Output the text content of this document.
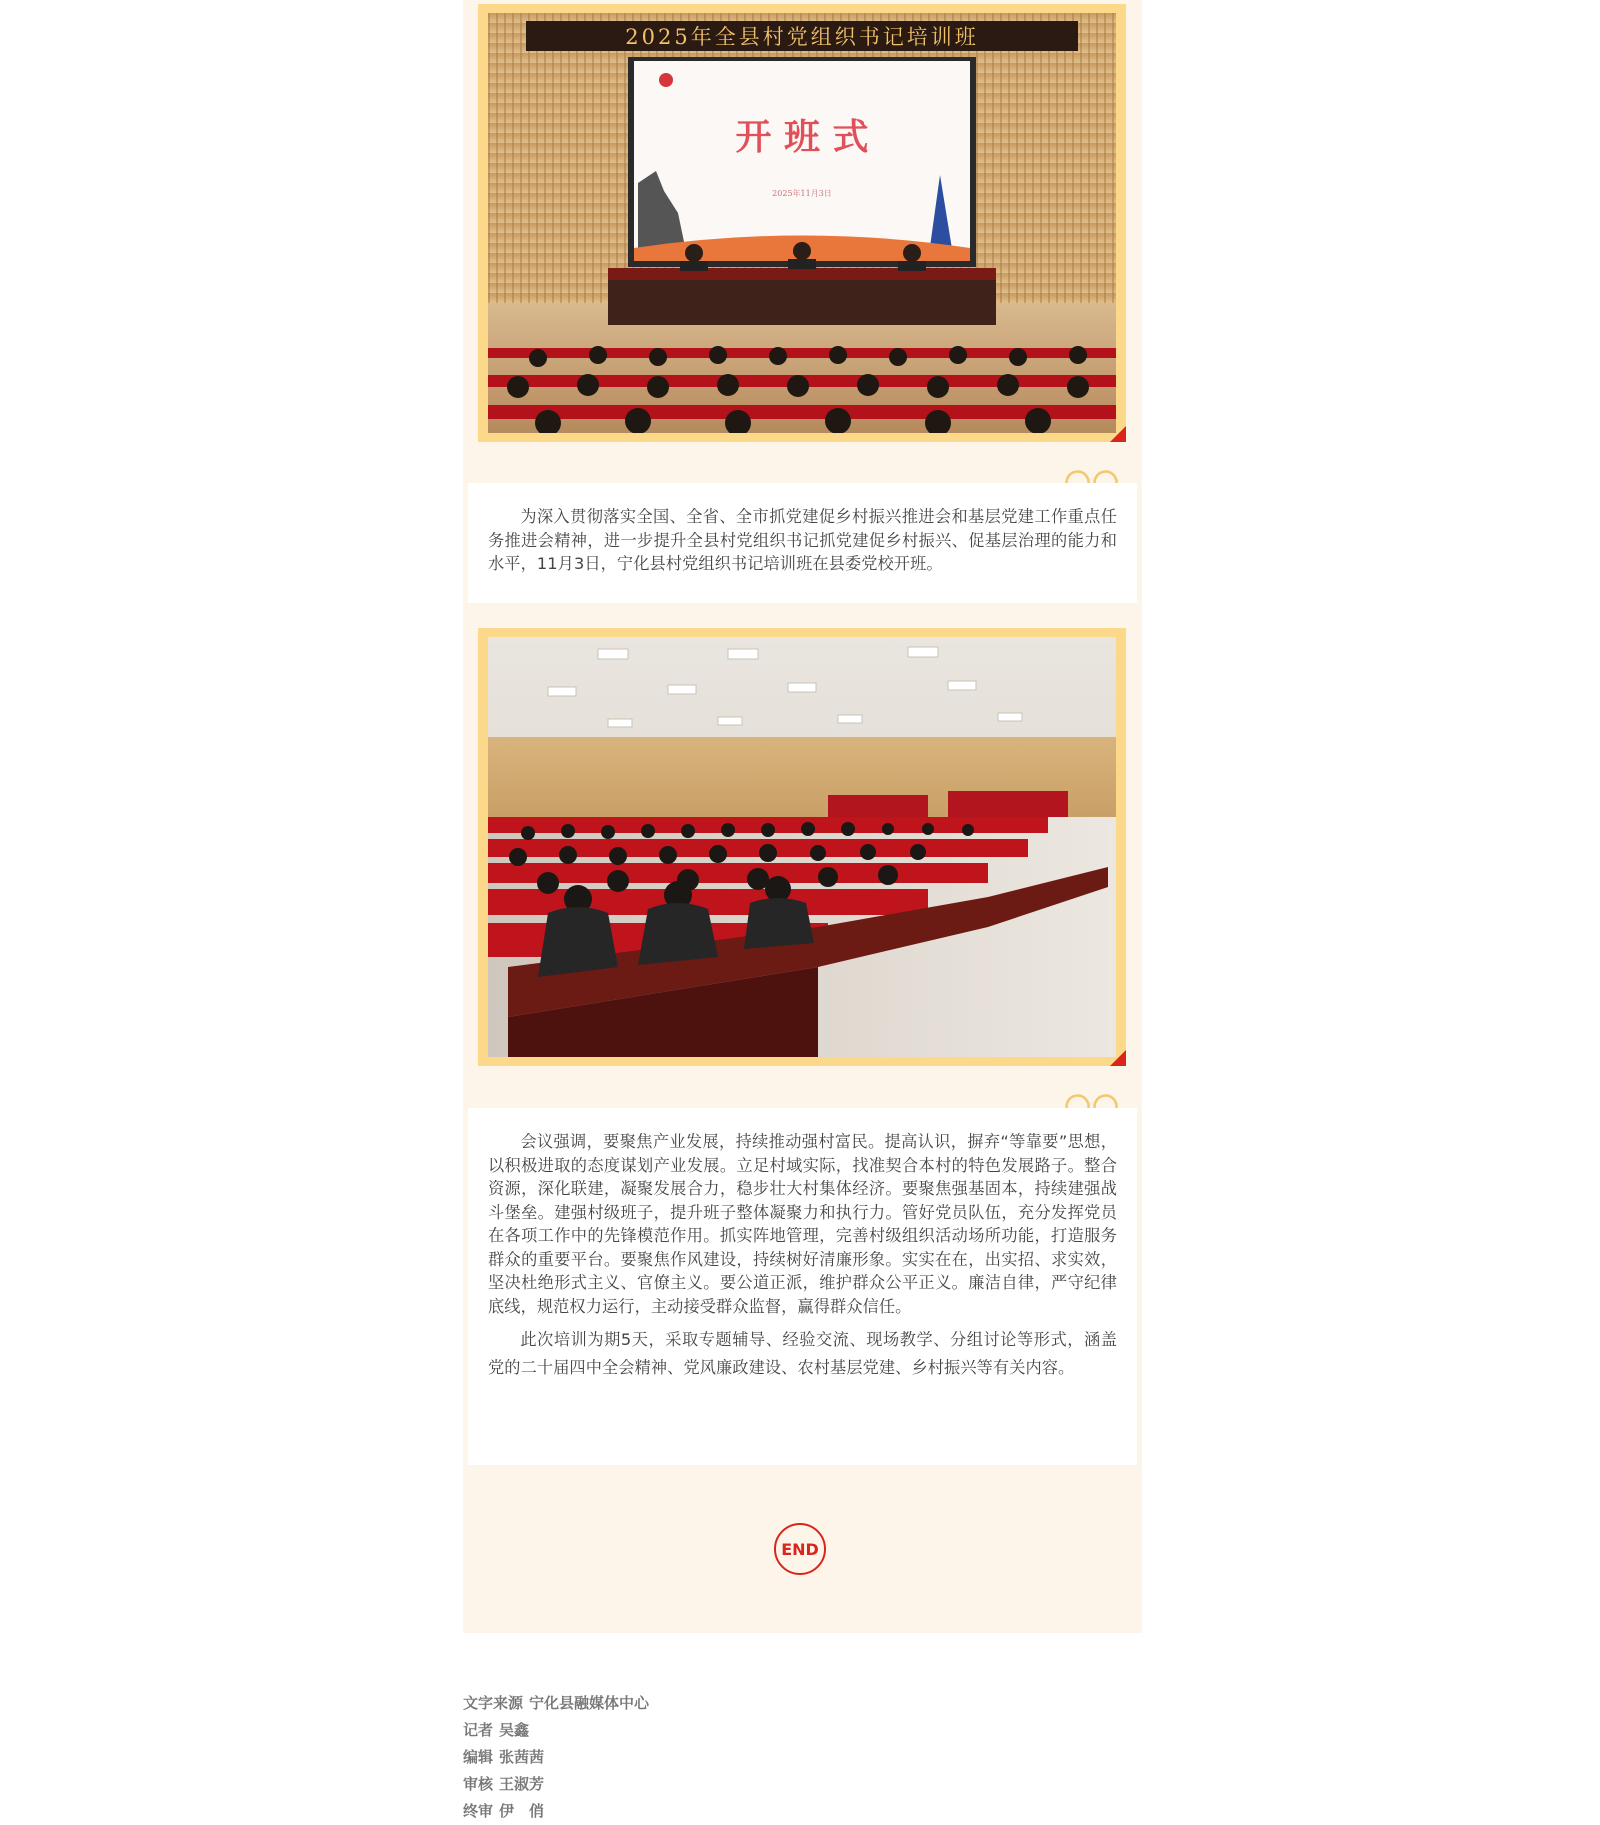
2025年全县村党组织书记培训班
开 班 式
2025年11月3日

为深入贯彻落实全国、全省、全市抓党建促乡村振兴推进会和基层党建工作重点任务推进会精神，进一步提升全县村党组织书记抓党建促乡村振兴、促基层治理的能力和水平，11月3日，宁化县村党组织书记培训班在县委党校开班。

会议强调，要聚焦产业发展，持续推动强村富民。提高认识，摒弃“等靠要”思想，以积极进取的态度谋划产业发展。立足村域实际，找准契合本村的特色发展路子。整合资源，深化联建，凝聚发展合力，稳步壮大村集体经济。要聚焦强基固本，持续建强战斗堡垒。建强村级班子，提升班子整体凝聚力和执行力。管好党员队伍，充分发挥党员在各项工作中的先锋模范作用。抓实阵地管理，完善村级组织活动场所功能，打造服务群众的重要平台。要聚焦作风建设，持续树好清廉形象。实实在在，出实招、求实效，坚决杜绝形式主义、官僚主义。要公道正派，维护群众公平正义。廉洁自律，严守纪律底线，规范权力运行，主动接受群众监督，赢得群众信任。

此次培训为期5天，采取专题辅导、经验交流、现场教学、分组讨论等形式，涵盖党的二十届四中全会精神、党风廉政建设、农村基层党建、乡村振兴等有关内容。

END
文字来源 宁化县融媒体中心
记者 吴鑫
编辑 张茜茜
审核 王淑芳
终审 伊　俏
